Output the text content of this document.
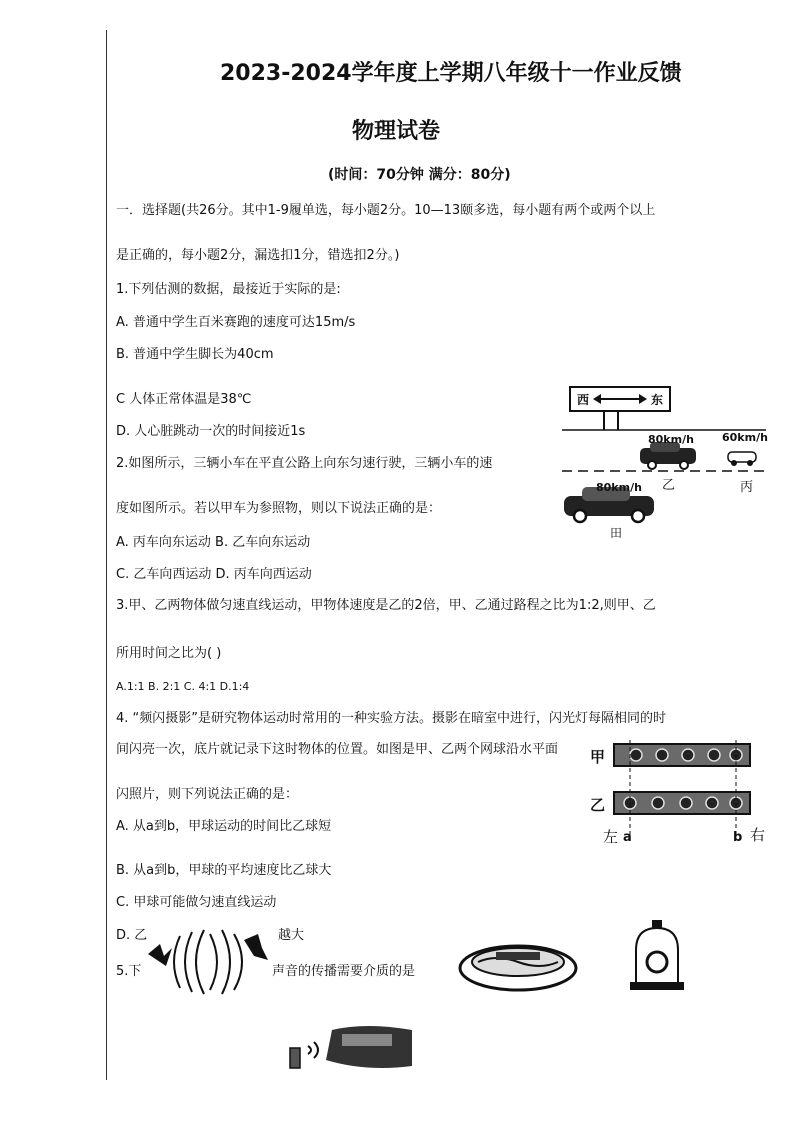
2023-2024学年度上学期八年级十一作业反馈
物理试卷
(时间：70分钟 满分：80分)
一．选择题(共26分。其中1-9履单选，每小题2分。10—13颐多选，每小题有两个或两个以上
是正确的，每小题2分，漏选扣1分，错选扣2分。)
1.下列估测的数据，最接近于实际的是:
A. 普通中学生百米赛跑的速度可达15m/s
B. 普通中学生脚长为40cm
C 人体正常体温是38℃
D. 人心脏跳动一次的时间接近1s
2.如图所示，三辆小车在平直公路上向东匀速行驶，三辆小车的速
度如图所示。若以甲车为参照物，则以下说法正确的是：
A. 丙车向东运动 B. 乙车向东运动
C. 乙车向西运动 D. 丙车向西运动
西	东
80km/h	60km/h
80km/h 乙	丙
田
3.甲、乙两物体做匀速直线运动，甲物体速度是乙的2倍，甲、乙通过路程之比为1:2,则甲、乙
所用时间之比为( )
A.1:1 B. 2:1 C. 4:1 D.1:4
4. “频闪摄影”是研究物体运动时常用的一种实验方法。摄影在暗室中进行，闪光灯每隔相同的时
间闪亮一次，底片就记录下这时物体的位置。如图是甲、乙两个网球沿水平面
闪照片，则下列说法正确的是：
A. 从a到b，甲球运动的时间比乙球短
B. 从a到b，甲球的平均速度比乙球大
C. 甲球可能做匀速直线运动
D. 乙	越大
甲
乙
左 a	b 右
5.下	声音的传播需要介质的是
